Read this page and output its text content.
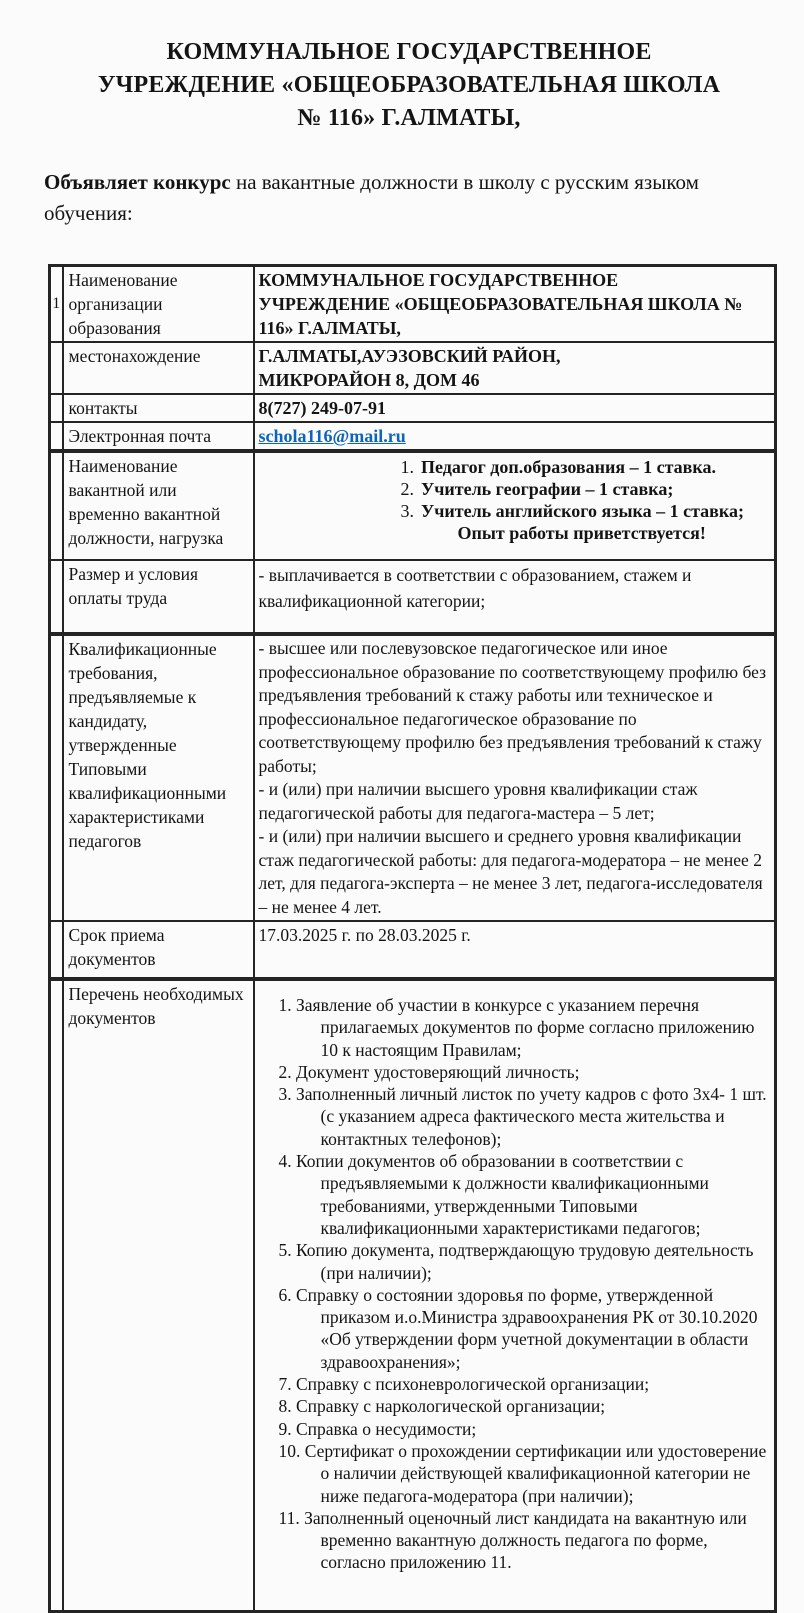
КОММУНАЛЬНОЕ ГОСУДАРСТВЕННОЕ
УЧРЕЖДЕНИЕ «ОБЩЕОБРАЗОВАТЕЛЬНАЯ ШКОЛА
№ 116» Г.АЛМАТЫ,

Объявляет конкурс на вакантные должности в школу с русским языком обучения:

1	Наименование организации образования	КОММУНАЛЬНОЕ ГОСУДАРСТВЕННОЕ
УЧРЕЖДЕНИЕ «ОБЩЕОБРАЗОВАТЕЛЬНАЯ ШКОЛА №
116» Г.АЛМАТЫ,

	местонахождение	Г.АЛМАТЫ,АУЭЗОВСКИЙ РАЙОН,
МИКРОРАЙОН 8, ДОМ 46

	контакты	8(727) 249-07-91
	Электронная почта	schola116@mail.ru
	Наименование вакантной или временно вакантной должности, нагрузка	1. Педагог доп.образования – 1 ставка.
2. Учитель географии – 1 ставка;
3. Учитель английского языка – 1 ставка;
Опыт работы приветствуется!

	Размер и условия оплаты труда	- выплачивается в соответствии с образованием, стажем и квалификационной категории;
	Квалификационные требования, предъявляемые к кандидату, утвержденные Типовыми квалификационными характеристиками педагогов	- высшее или послевузовское педагогическое или иное профессиональное образование по соответствующему профилю без предъявления требований к стажу работы или техническое и профессиональное педагогическое образование по соответствующему профилю без предъявления требований к стажу работы;

- и (или) при наличии высшего уровня квалификации стаж педагогической работы для педагога-мастера – 5 лет;

- и (или) при наличии высшего и среднего уровня квалификации стаж педагогической работы: для педагога-модератора – не менее 2 лет, для педагога-эксперта – не менее 3 лет, педагога-исследователя – не менее 4 лет.

	Срок приема документов	17.03.2025 г. по 28.03.2025 г.
	Перечень необходимых документов	
1. Заявление об участии в конкурсе с указанием перечня прилагаемых документов по форме согласно приложению 10 к настоящим Правилам;
2. Документ удостоверяющий личность;
3. Заполненный личный листок по учету кадров с фото 3х4- 1 шт. (с указанием адреса фактического места жительства и контактных телефонов);
4. Копии документов об образовании в соответствии с предъявляемыми к должности квалификационными требованиями, утвержденными Типовыми квалификационными характеристиками педагогов;
5. Копию документа, подтверждающую трудовую деятельность (при наличии);
6. Справку о состоянии здоровья по форме, утвержденной приказом и.о.Министра здравоохранения РК от 30.10.2020 «Об утверждении форм учетной документации в области здравоохранения»;
7. Справку с психоневрологической организации;
8. Справку с наркологической организации;
9. Справка о несудимости;
10. Сертификат о прохождении сертификации или удостоверение о наличии действующей квалификационной категории не ниже педагога-модератора (при наличии);
11. Заполненный оценочный лист кандидата на вакантную или временно вакантную должность педагога по форме, согласно приложению 11.
